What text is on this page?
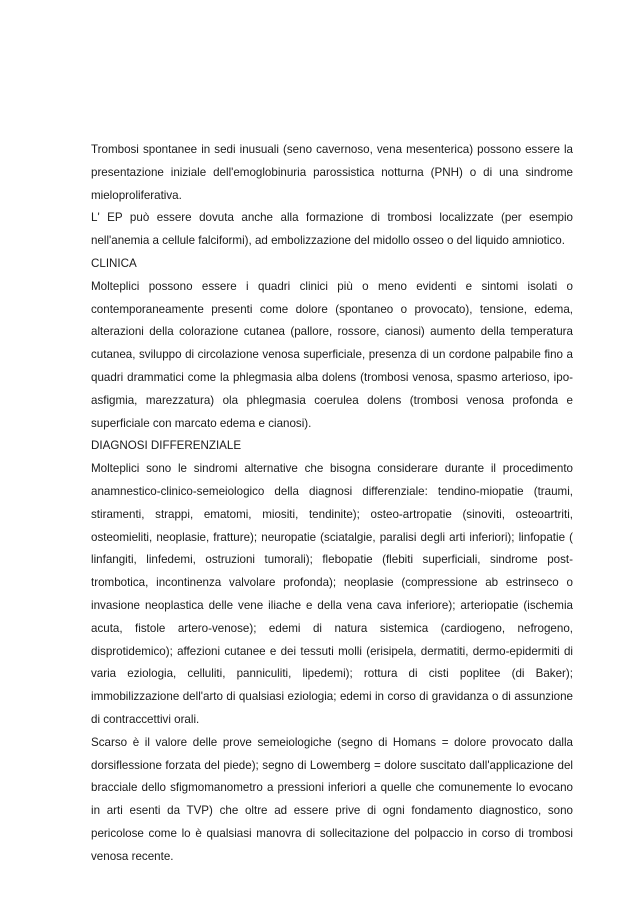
Trombosi spontanee in sedi inusuali (seno cavernoso, vena mesenterica) possono essere la presentazione iniziale dell'emoglobinuria parossistica notturna (PNH) o di una sindrome mieloproliferativa.

L' EP può essere dovuta anche alla formazione di trombosi localizzate (per esempio nell'anemia a cellule falciformi), ad embolizzazione del midollo osseo o del liquido amniotico.

CLINICA

Molteplici possono essere i quadri clinici più o meno evidenti e sintomi isolati o contemporaneamente presenti come dolore (spontaneo o provocato), tensione, edema, alterazioni della colorazione cutanea (pallore, rossore, cianosi) aumento della temperatura cutanea, sviluppo di circolazione venosa superficiale, presenza di un cordone palpabile fino a quadri drammatici come la phlegmasia alba dolens (trombosi venosa, spasmo arterioso, ipo-asfigmia, marezzatura) ola phlegmasia coerulea dolens (trombosi venosa profonda e superficiale con marcato edema e cianosi).

DIAGNOSI DIFFERENZIALE

Molteplici sono le sindromi alternative che bisogna considerare durante il procedimento anamnestico-clinico-semeiologico della diagnosi differenziale: tendino-miopatie (traumi, stiramenti, strappi, ematomi, miositi, tendinite); osteo-artropatie (sinoviti, osteoartriti, osteomieliti, neoplasie, fratture); neuropatie (sciatalgie, paralisi degli arti inferiori); linfopatie ( linfangiti, linfedemi, ostruzioni tumorali); flebopatie (flebiti superficiali, sindrome post-trombotica, incontinenza valvolare profonda); neoplasie (compressione ab estrinseco o invasione neoplastica delle vene iliache e della vena cava inferiore); arteriopatie (ischemia acuta, fistole artero-venose); edemi di natura sistemica (cardiogeno, nefrogeno, disprotidemico); affezioni cutanee e dei tessuti molli (erisipela, dermatiti, dermo-epidermiti di varia eziologia, celluliti, panniculiti, lipedemi); rottura di cisti poplitee (di Baker); immobilizzazione dell'arto di qualsiasi eziologia; edemi in corso di gravidanza o di assunzione di contraccettivi orali.

Scarso è il valore delle prove semeiologiche (segno di Homans = dolore provocato dalla dorsiflessione forzata del piede); segno di Lowemberg = dolore suscitato dall'applicazione del bracciale dello sfigmomanometro a pressioni inferiori a quelle che comunemente lo evocano in arti esenti da TVP) che oltre ad essere prive di ogni fondamento diagnostico, sono pericolose come lo è qualsiasi manovra di sollecitazione del polpaccio in corso di trombosi venosa recente.
